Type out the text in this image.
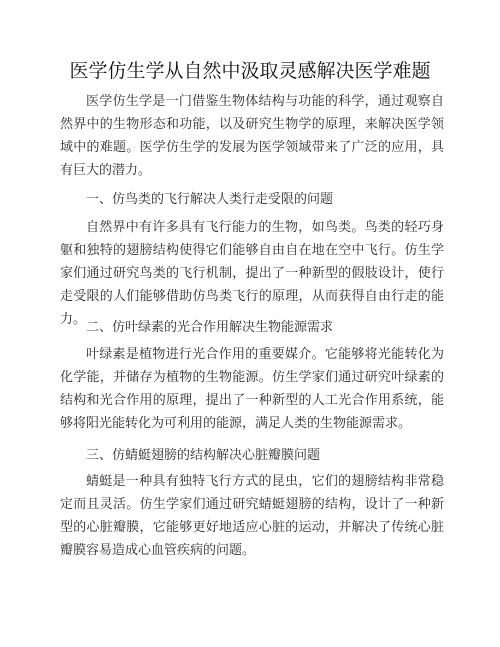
医学仿生学从自然中汲取灵感解决医学难题

医学仿生学是一门借鉴生物体结构与功能的科学，通过观察自然界中的生物形态和功能，以及研究生物学的原理，来解决医学领域中的难题。医学仿生学的发展为医学领域带来了广泛的应用，具有巨大的潜力。

一、仿鸟类的飞行解决人类行走受限的问题

自然界中有许多具有飞行能力的生物，如鸟类。鸟类的轻巧身躯和独特的翅膀结构使得它们能够自由自在地在空中飞行。仿生学家们通过研究鸟类的飞行机制，提出了一种新型的假肢设计，使行走受限的人们能够借助仿鸟类飞行的原理，从而获得自由行走的能力。

二、仿叶绿素的光合作用解决生物能源需求

叶绿素是植物进行光合作用的重要媒介。它能够将光能转化为化学能，并储存为植物的生物能源。仿生学家们通过研究叶绿素的结构和光合作用的原理，提出了一种新型的人工光合作用系统，能够将阳光能转化为可利用的能源，满足人类的生物能源需求。

三、仿蜻蜓翅膀的结构解决心脏瓣膜问题

蜻蜓是一种具有独特飞行方式的昆虫，它们的翅膀结构非常稳定而且灵活。仿生学家们通过研究蜻蜓翅膀的结构，设计了一种新型的心脏瓣膜，它能够更好地适应心脏的运动，并解决了传统心脏瓣膜容易造成心血管疾病的问题。
